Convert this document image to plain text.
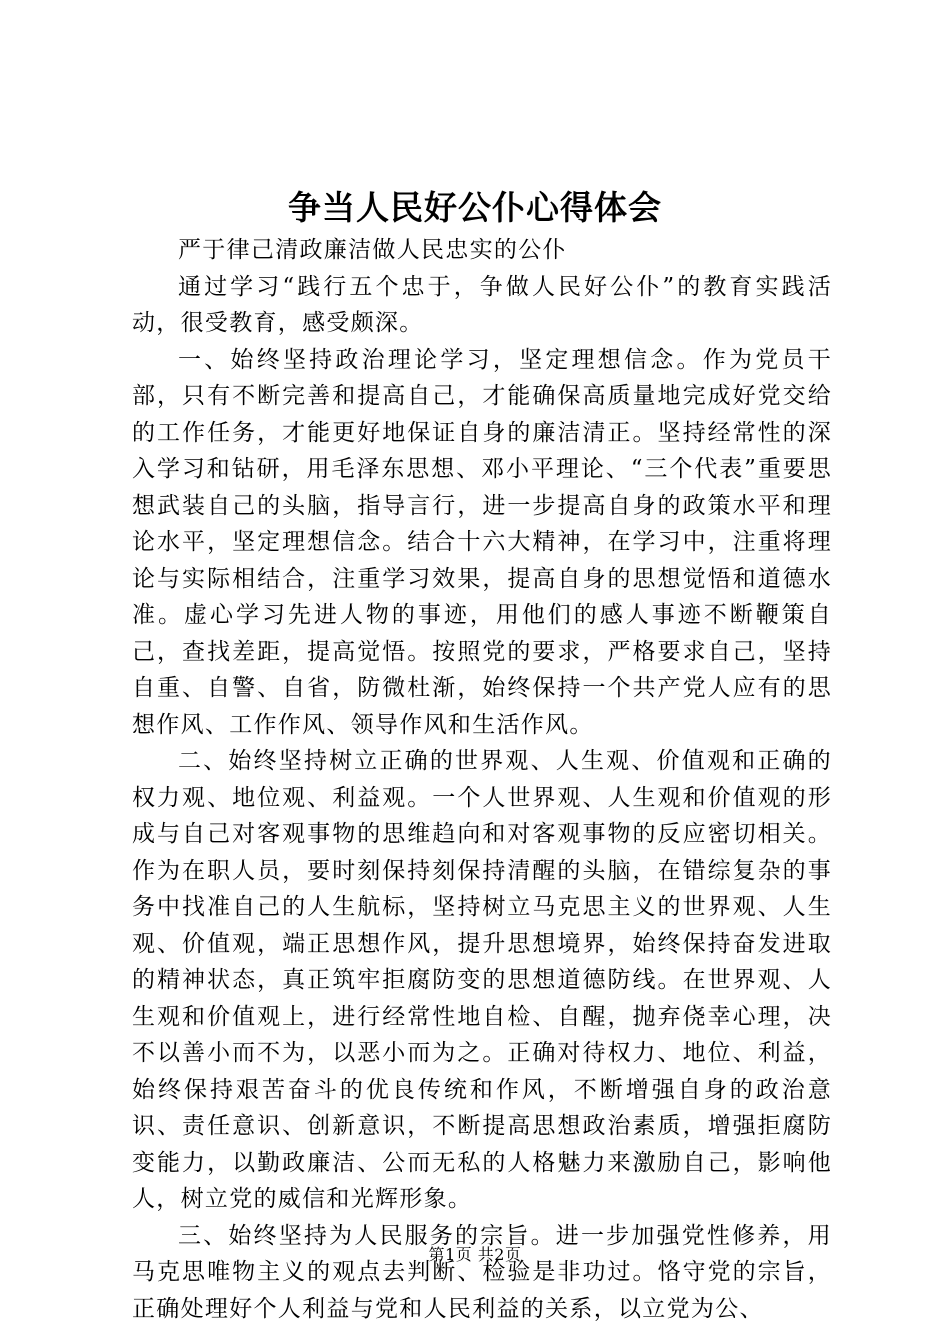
争当人民好公仆心得体会

严于律己清政廉洁做人民忠实的公仆

通过学习“践行五个忠于，争做人民好公仆”的教育实践活动，很受教育，感受颇深。

一、始终坚持政治理论学习，坚定理想信念。作为党员干部，只有不断完善和提高自己，才能确保高质量地完成好党交给的工作任务，才能更好地保证自身的廉洁清正。坚持经常性的深入学习和钻研，用毛泽东思想、邓小平理论、“三个代表”重要思想武装自己的头脑，指导言行，进一步提高自身的政策水平和理论水平，坚定理想信念。结合十六大精神，在学习中，注重将理论与实际相结合，注重学习效果，提高自身的思想觉悟和道德水准。虚心学习先进人物的事迹，用他们的感人事迹不断鞭策自己，查找差距，提高觉悟。按照党的要求，严格要求自己，坚持自重、自警、自省，防微杜渐，始终保持一个共产党人应有的思想作风、工作作风、领导作风和生活作风。

二、始终坚持树立正确的世界观、人生观、价值观和正确的权力观、地位观、利益观。一个人世界观、人生观和价值观的形成与自己对客观事物的思维趋向和对客观事物的反应密切相关。作为在职人员，要时刻保持刻保持清醒的头脑，在错综复杂的事务中找准自己的人生航标，坚持树立马克思主义的世界观、人生观、价值观，端正思想作风，提升思想境界，始终保持奋发进取的精神状态，真正筑牢拒腐防变的思想道德防线。在世界观、人生观和价值观上，进行经常性地自检、自醒，抛弃侥幸心理，决不以善小而不为，以恶小而为之。正确对待权力、地位、利益，始终保持艰苦奋斗的优良传统和作风，不断增强自身的政治意识、责任意识、创新意识，不断提高思想政治素质，增强拒腐防变能力，以勤政廉洁、公而无私的人格魅力来激励自己，影响他人，树立党的威信和光辉形象。

三、始终坚持为人民服务的宗旨。进一步加强党性修养，用马克思唯物主义的观点去判断、检验是非功过。恪守党的宗旨，正确处理好个人利益与党和人民利益的关系，以立党为公、

第1页 共2页
